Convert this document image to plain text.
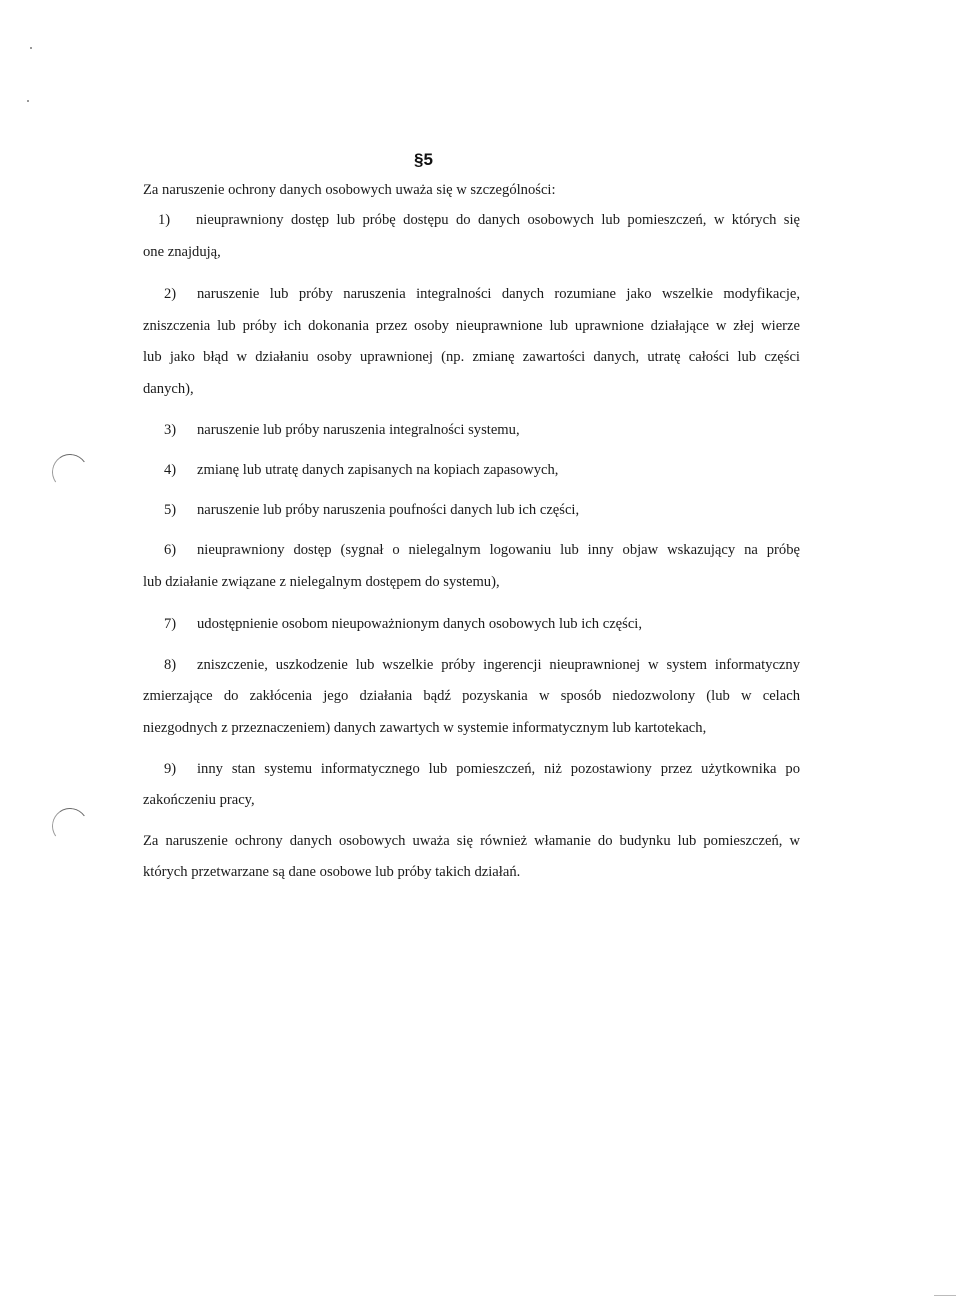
§5
Za naruszenie ochrony danych osobowych uważa się w szczególności:
1) nieuprawniony dostęp lub próbę dostępu do danych osobowych lub pomieszczeń, w których się
one znajdują,
2) naruszenie lub próby naruszenia integralności danych rozumiane jako wszelkie modyfikacje,
zniszczenia lub próby ich dokonania przez osoby nieuprawnione lub uprawnione działające w złej wierze
lub jako błąd w działaniu osoby uprawnionej (np. zmianę zawartości danych, utratę całości lub części
danych),
3) naruszenie lub próby naruszenia integralności systemu,
4) zmianę lub utratę danych zapisanych na kopiach zapasowych,
5) naruszenie lub próby naruszenia poufności danych lub ich części,
6) nieuprawniony dostęp (sygnał o nielegalnym logowaniu lub inny objaw wskazujący na próbę
lub działanie związane z nielegalnym dostępem do systemu),
7) udostępnienie osobom nieupoważnionym danych osobowych lub ich części,
8) zniszczenie, uszkodzenie lub wszelkie próby ingerencji nieuprawnionej w system informatyczny
zmierzające do zakłócenia jego działania bądź pozyskania w sposób niedozwolony (lub w celach
niezgodnych z przeznaczeniem) danych zawartych w systemie informatycznym lub kartotekach,
9) inny stan systemu informatycznego lub pomieszczeń, niż pozostawiony przez użytkownika po
zakończeniu pracy,
Za naruszenie ochrony danych osobowych uważa się również włamanie do budynku lub pomieszczeń, w
których przetwarzane są dane osobowe lub próby takich działań.
